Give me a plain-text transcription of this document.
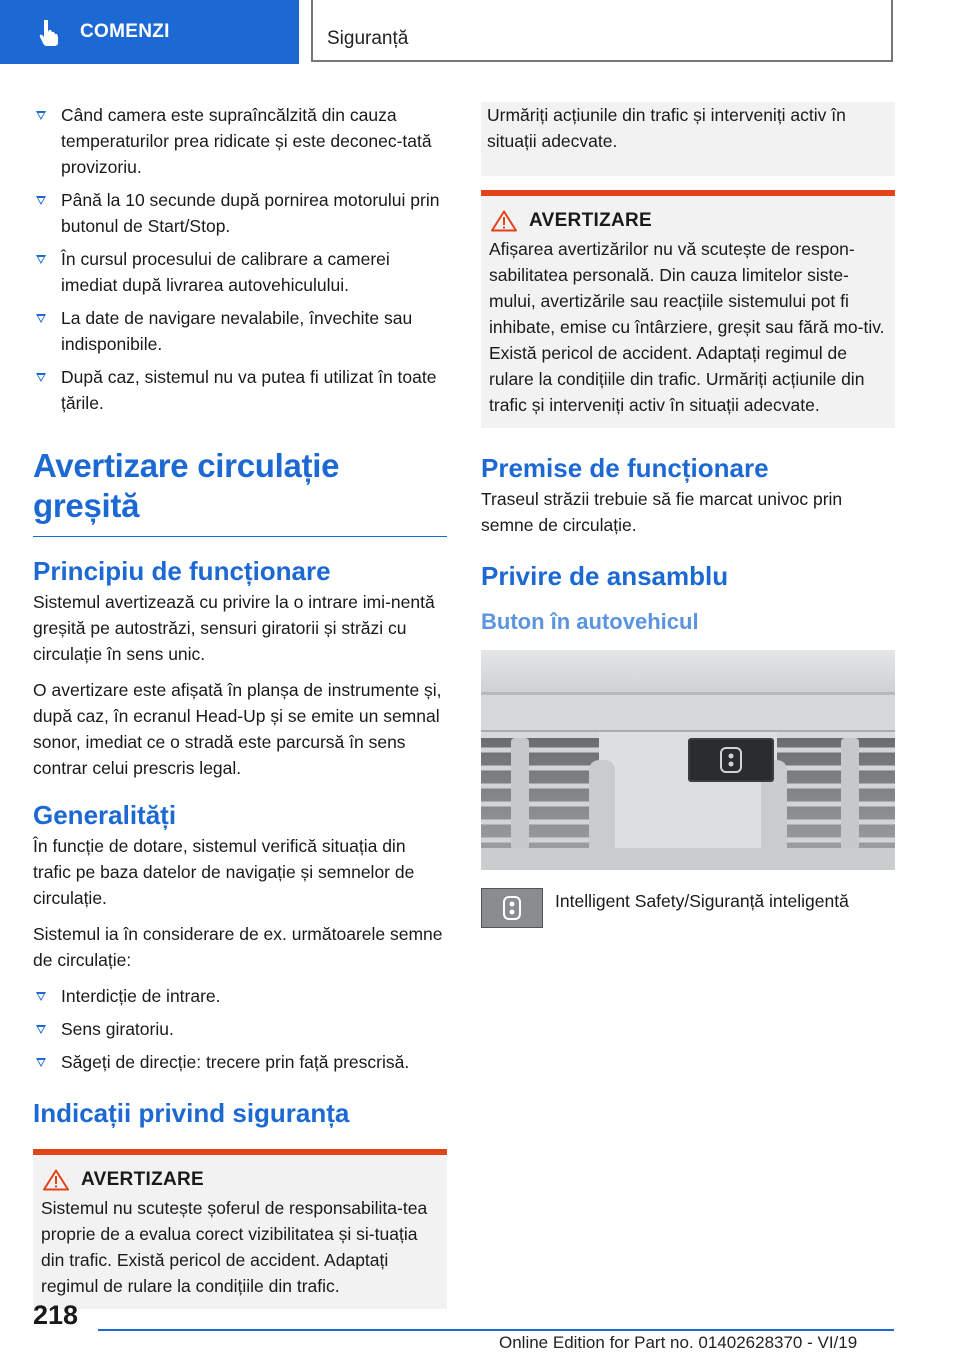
COMENZI	Siguranță
Când camera este supraîncălzită din cauza temperaturilor prea ridicate și este deconec-tată provizoriu.
Până la 10 secunde după pornirea motorului prin butonul de Start/Stop.
În cursul procesului de calibrare a camerei imediat după livrarea autovehiculului.
La date de navigare nevalabile, învechite sau indisponibile.
După caz, sistemul nu va putea fi utilizat în toate țările.
Avertizare circulație greșită
Principiu de funcționare

Sistemul avertizează cu privire la o intrare imi-nentă greșită pe autostrăzi, sensuri giratorii și străzi cu circulație în sens unic.

O avertizare este afișată în planșa de instrumente și, după caz, în ecranul Head-Up și se emite un semnal sonor, imediat ce o stradă este parcursă în sens contrar celui prescris legal.

Generalități

În funcție de dotare, sistemul verifică situația din trafic pe baza datelor de navigație și semnelor de circulație.

Sistemul ia în considerare de ex. următoarele semne de circulație:

Interdicție de intrare.
Sens giratoriu.
Săgeți de direcție: trecere prin față prescrisă.
Indicații privind siguranța
AVERTIZARE

Sistemul nu scutește șoferul de responsabilita-tea proprie de a evalua corect vizibilitatea și si-tuația din trafic. Există pericol de accident. Adaptați regimul de rulare la condițiile din trafic.

Urmăriți acțiunile din trafic și interveniți activ în situații adecvate.

AVERTIZARE

Afișarea avertizărilor nu vă scutește de respon-sabilitatea personală. Din cauza limitelor siste-mului, avertizările sau reacțiile sistemului pot fi inhibate, emise cu întârziere, greșit sau fără mo-tiv. Există pericol de accident. Adaptați regimul de rulare la condițiile din trafic. Urmăriți acțiunile din trafic și interveniți activ în situații adecvate.

Premise de funcționare

Traseul străzii trebuie să fie marcat univoc prin semne de circulație.

Privire de ansamblu
Buton în autovehicul
Intelligent Safety/Siguranță inteligentă
218
Online Edition for Part no. 01402628370 - VI/19
